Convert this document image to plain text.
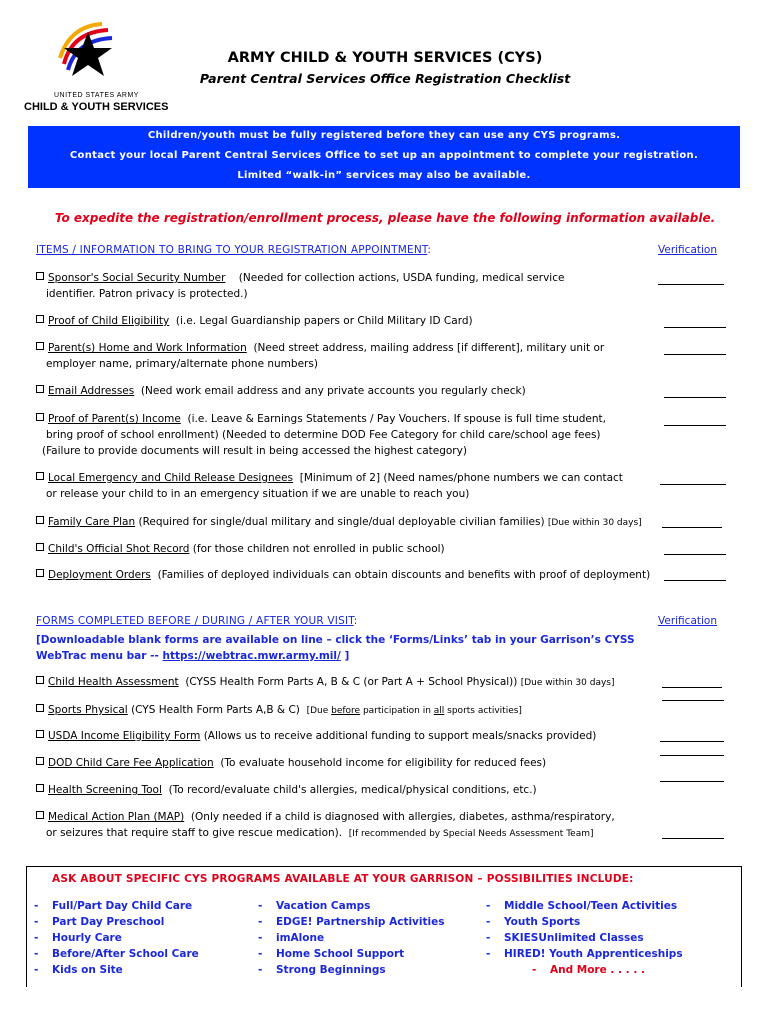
UNITED STATES ARMY
CHILD & YOUTH SERVICES
ARMY CHILD & YOUTH SERVICES (CYS)
Parent Central Services Office Registration Checklist
Children/youth must be fully registered before they can use any CYS programs.
Contact your local Parent Central Services Office to set up an appointment to complete your registration.
Limited “walk-in” services may also be available.
To expedite the registration/enrollment process, please have the following information available.
ITEMS / INFORMATION TO BRING TO YOUR REGISTRATION APPOINTMENT:	Verification
Sponsor's Social Security Number (Needed for collection actions, USDA funding, medical service
identifier. Patron privacy is protected.)
Proof of Child Eligibility (i.e. Legal Guardianship papers or Child Military ID Card)
Parent(s) Home and Work Information (Need street address, mailing address [if different], military unit or
employer name, primary/alternate phone numbers)
Email Addresses (Need work email address and any private accounts you regularly check)
Proof of Parent(s) Income (i.e. Leave & Earnings Statements / Pay Vouchers. If spouse is full time student,
bring proof of school enrollment) (Needed to determine DOD Fee Category for child care/school age fees)
(Failure to provide documents will result in being accessed the highest category)
Local Emergency and Child Release Designees [Minimum of 2] (Need names/phone numbers we can contact
or release your child to in an emergency situation if we are unable to reach you)
Family Care Plan (Required for single/dual military and single/dual deployable civilian families) [Due within 30 days]
Child's Official Shot Record (for those children not enrolled in public school)
Deployment Orders (Families of deployed individuals can obtain discounts and benefits with proof of deployment)
FORMS COMPLETED BEFORE / DURING / AFTER YOUR VISIT:	Verification
[Downloadable blank forms are available on line – click the ‘Forms/Links’ tab in your Garrison’s CYSS
WebTrac menu bar -- https://webtrac.mwr.army.mil/ ]
Child Health Assessment (CYSS Health Form Parts A, B & C (or Part A + School Physical)) [Due within 30 days]
Sports Physical (CYS Health Form Parts A,B & C) [Due before participation in all sports activities]
USDA Income Eligibility Form (Allows us to receive additional funding to support meals/snacks provided)
DOD Child Care Fee Application (To evaluate household income for eligibility for reduced fees)
Health Screening Tool (To record/evaluate child's allergies, medical/physical conditions, etc.)
Medical Action Plan (MAP) (Only needed if a child is diagnosed with allergies, diabetes, asthma/respiratory,
or seizures that require staff to give rescue medication). [If recommended by Special Needs Assessment Team]
ASK ABOUT SPECIFIC CYS PROGRAMS AVAILABLE AT YOUR GARRISON – POSSIBILITIES INCLUDE:
- Full/Part Day Child Care
- Part Day Preschool
- Hourly Care
- Before/After School Care
- Kids on Site
- Vacation Camps
- EDGE! Partnership Activities
- imAlone
- Home School Support
- Strong Beginnings
- Middle School/Teen Activities
- Youth Sports
- SKIESUnlimited Classes
- HIRED! Youth Apprenticeships
- And More . . . . .
